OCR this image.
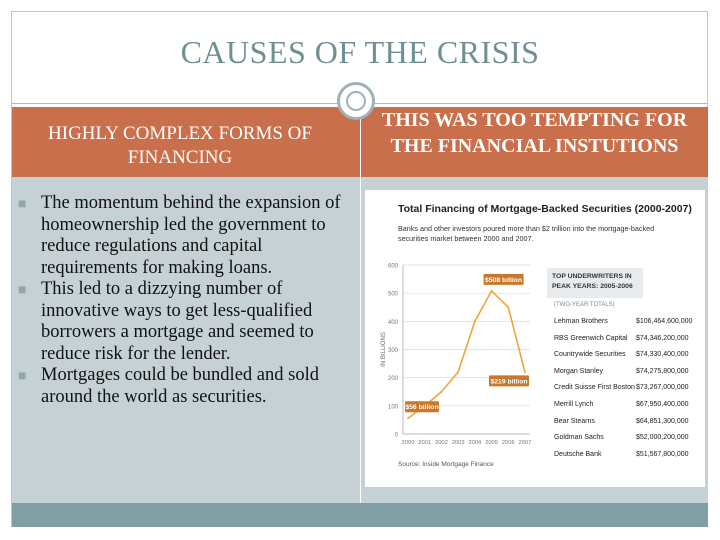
CAUSES OF THE CRISIS
HIGHLY COMPLEX FORMS OF FINANCING
THIS WAS TOO TEMPTING FOR THE FINANCIAL INSTUTIONS
■ The momentum behind the expansion of homeownership led the government to reduce regulations and capital requirements for making loans.
■ This led to a dizzying number of innovative ways to get less-qualified borrowers a mortgage and seemed to reduce risk for the lender.
■ Mortgages could be bundled and sold around the world as securities.
Total Financing of Mortgage-Backed Securities (2000-2007)
Banks and other investors poured more than $2 trillion into the mortgage-backed securities market between 2000 and 2007.
0
100
200
300
400
500
600
IN BILLIONS
2000 2001 2002 2003 2004 2005 2006 2007
$508 billion
$56 billion
$219 billion
TOP UNDERWRITERS IN PEAK YEARS: 2005-2006
(TWO-YEAR TOTALS)
Lehman Brothers	$106,464,600,000
RBS Greenwich Capital $74,346,200,000
Countrywide Securities $74,330,400,000
Morgan Stanley	$74,275,800,000
Credit Suisse First Boston $73,267,000,000
Merrill Lynch	$67,950,400,000
Bear Stearns	$64,851,300,000
Goldman Sachs	$52,000,200,000
Deutsche Bank	$51,567,800,000
Source: Inside Mortgage Finance
